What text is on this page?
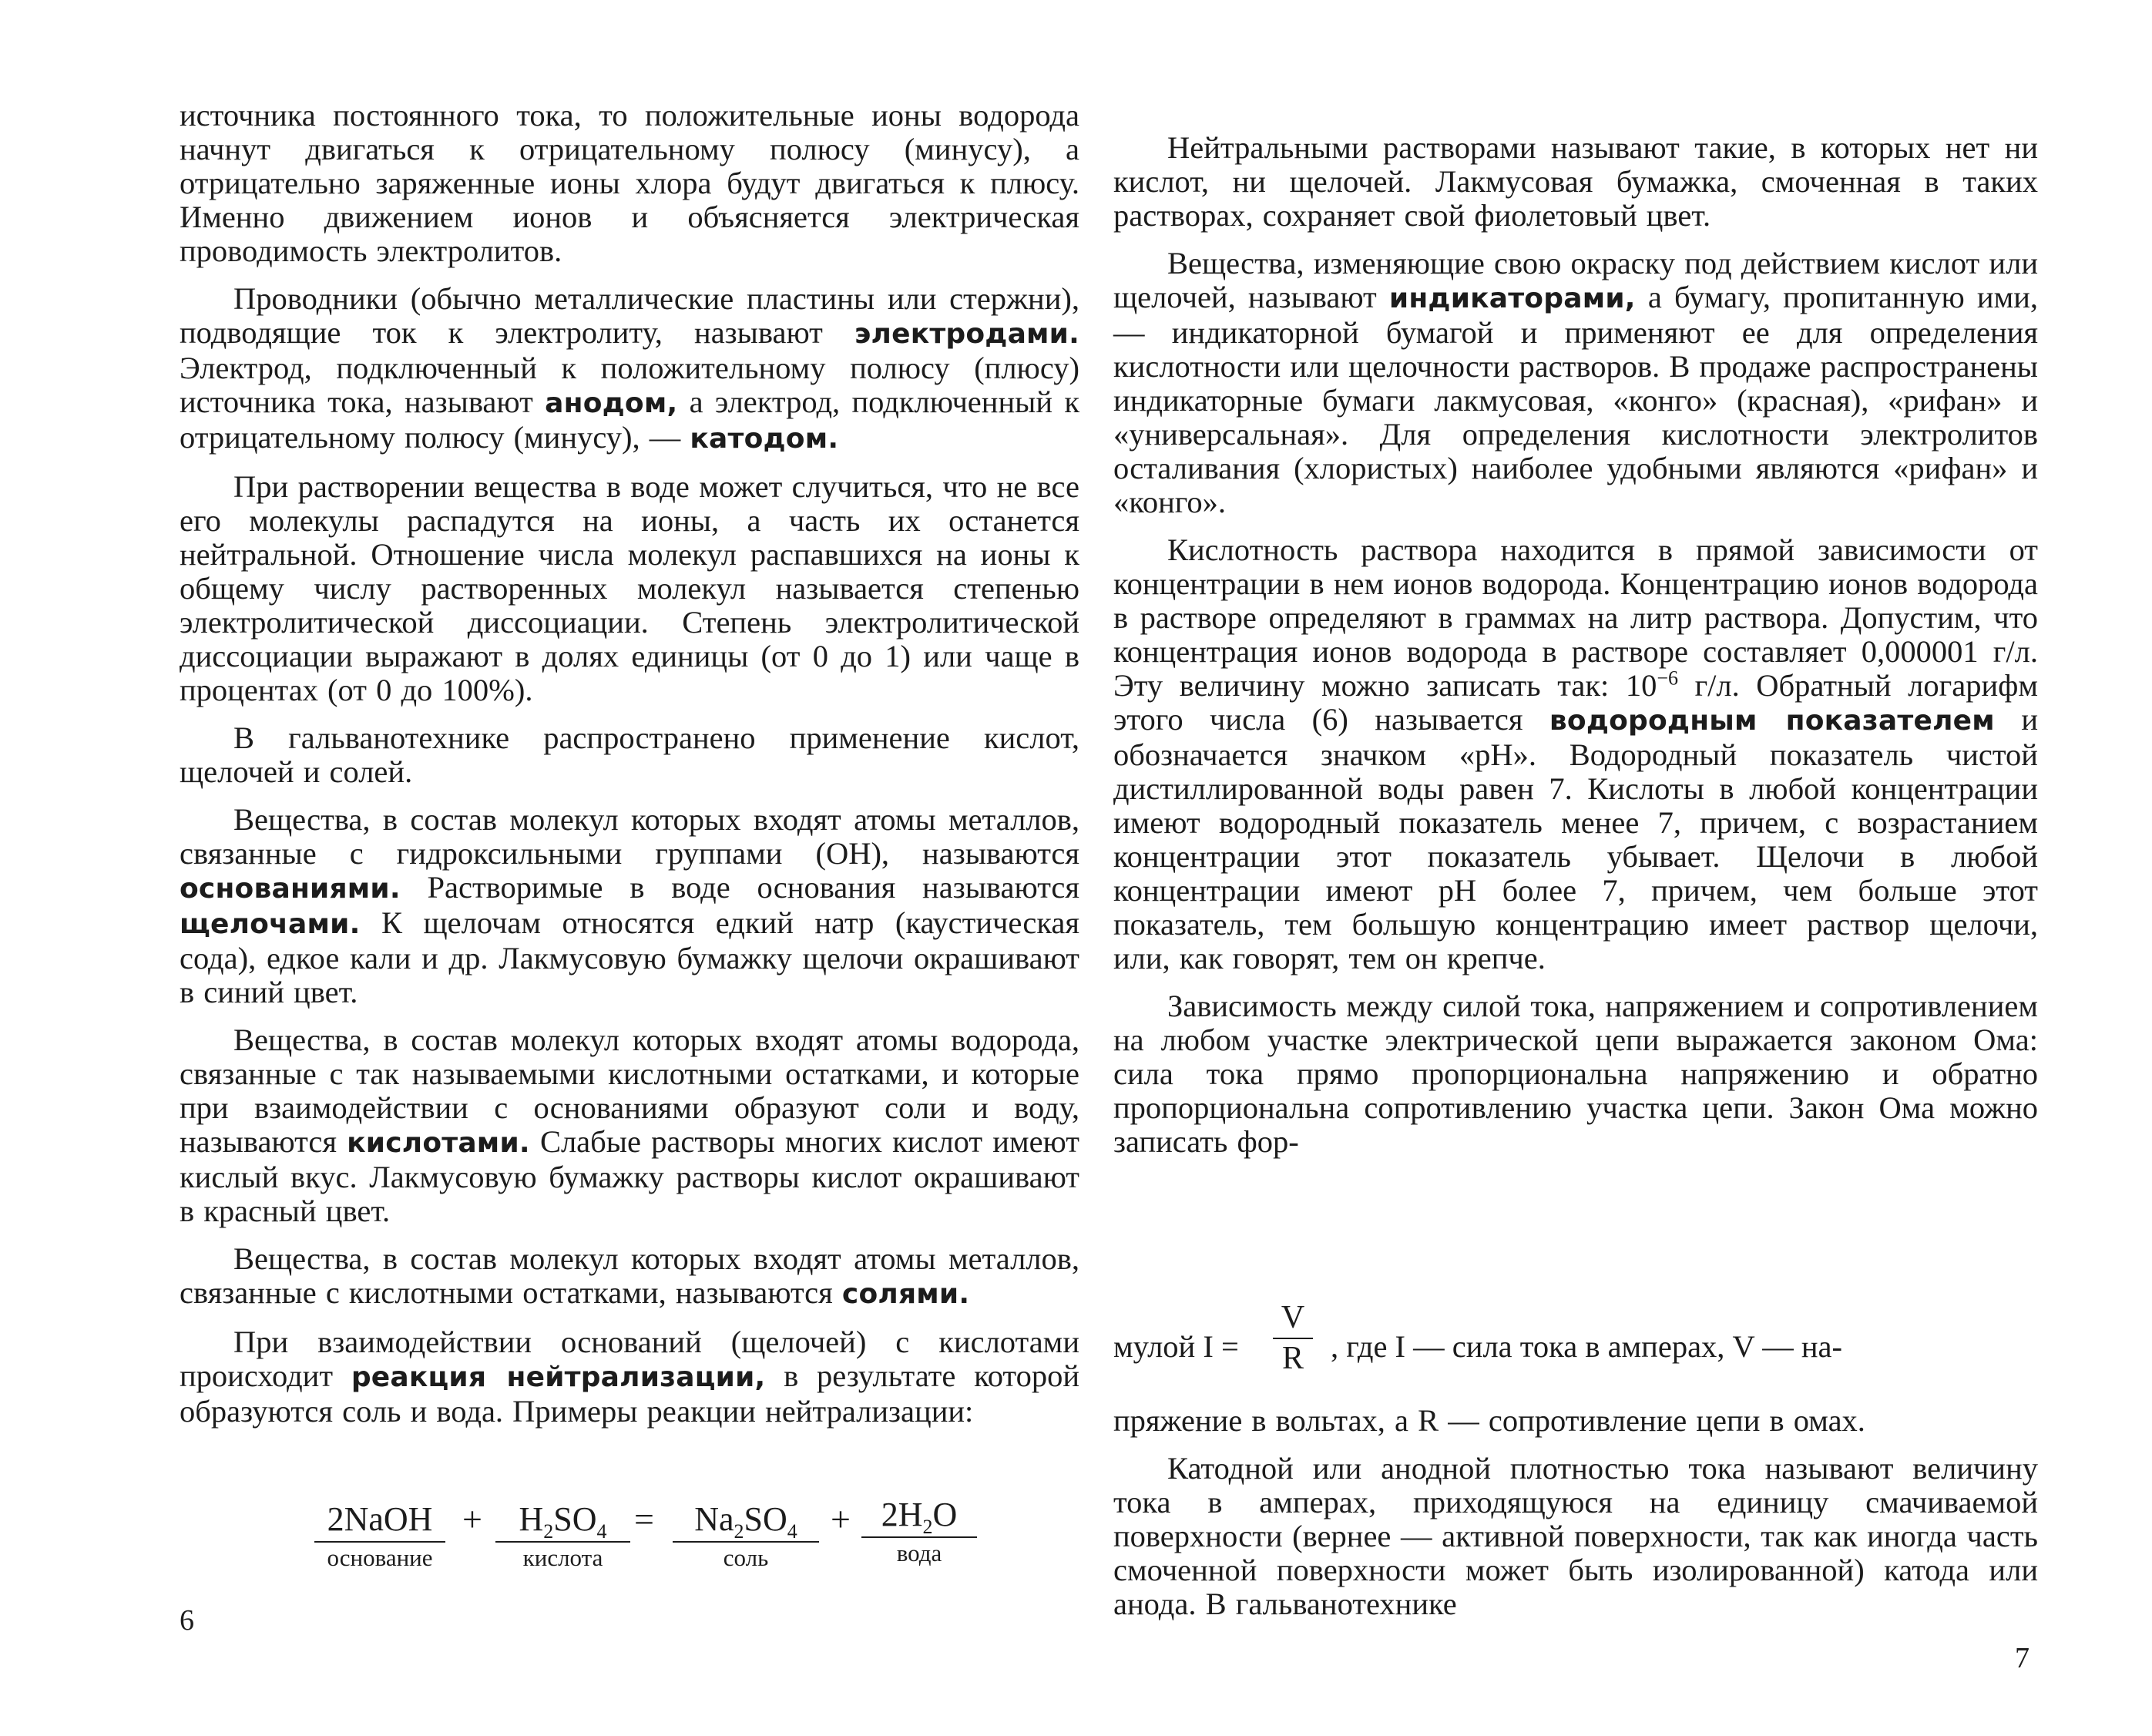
источника постоянного тока, то положительные ионы водорода начнут двигаться к отрицательному полюсу (минусу), а отрицательно заряженные ионы хлора будут двигаться к плюсу. Именно движением ионов и объясняется электрическая проводимость электролитов.

Проводники (обычно металлические пластины или стержни), подводящие ток к электролиту, называют электродами. Электрод, подключенный к положительному полюсу (плюсу) источника тока, называют анодом, а электрод, подключенный к отрицательному полюсу (минусу), — катодом.

При растворении вещества в воде может случиться, что не все его молекулы распадутся на ионы, а часть их останется нейтральной. Отношение числа молекул распавшихся на ионы к общему числу растворенных молекул называется степенью электролитической диссоциации. Степень электролитической диссоциации выражают в долях единицы (от 0 до 1) или чаще в процентах (от 0 до 100%).

В гальванотехнике распространено применение кислот, щелочей и солей.

Вещества, в состав молекул которых входят атомы металлов, связанные с гидроксильными группами (OH), называются основаниями. Растворимые в воде основания называются щелочами. К щелочам относятся едкий натр (каустическая сода), едкое кали и др. Лакмусовую бумажку щелочи окрашивают в синий цвет.

Вещества, в состав молекул которых входят атомы водорода, связанные с так называемыми кислотными остатками, и которые при взаимодействии с основаниями образуют соли и воду, называются кислотами. Слабые растворы многих кислот имеют кислый вкус. Лакмусовую бумажку растворы кислот окрашивают в красный цвет.

Вещества, в состав молекул которых входят атомы металлов, связанные с кислотными остатками, называются солями.

При взаимодействии оснований (щелочей) с кислотами происходит реакция нейтрализации, в результате которой образуются соль и вода. Примеры реакции нейтрализации:

2NaOH
основание
+	$H_2SO_4$
кислота
=	$Na_2SO_4$
соль
+ $2H_2O$
вода
6

Нейтральными растворами называют такие, в которых нет ни кислот, ни щелочей. Лакмусовая бумажка, смоченная в таких растворах, сохраняет свой фиолетовый цвет.

Вещества, изменяющие свою окраску под действием кислот или щелочей, называют индикаторами, а бумагу, пропитанную ими, — индикаторной бумагой и применяют ее для определения кислотности или щелочности растворов. В продаже распространены индикаторные бумаги лакмусовая, «конго» (красная), «рифан» и «универсальная». Для определения кислотности электролитов осталивания (хлористых) наиболее удобными являются «рифан» и «конго».

Кислотность раствора находится в прямой зависимости от концентрации в нем ионов водорода. Концентрацию ионов водорода в растворе определяют в граммах на литр раствора. Допустим, что концентрация ионов водорода в растворе составляет 0,000001 г/л. Эту величину можно записать так: $10^{-6}$ г/л. Обратный логарифм этого числа (6) называется водородным показателем и обозначается значком «pH». Водородный показатель чистой дистиллированной воды равен 7. Кислоты в любой концентрации имеют водородный показатель менее 7, причем, с возрастанием концентрации этот показатель убывает. Щелочи в любой концентрации имеют pH более 7, причем, чем больше этот показатель, тем большую концентрацию имеет раствор щелочи, или, как говорят, тем он крепче.

Зависимость между силой тока, напряжением и сопротивлением на любом участке электрической цепи выражается законом Ома: сила тока прямо пропорциональна напряжению и обратно пропорциональна сопротивлению участка цепи. Закон Ома можно записать фор-

мулой $I = \frac{V}{R}$ , где I — сила тока в амперах, V — на-

пряжение в вольтах, а R — сопротивление цепи в омах.

Катодной или анодной плотностью тока называют величину тока в амперах, приходящуюся на единицу смачиваемой поверхности (вернее — активной поверхности, так как иногда часть смоченной поверхности может быть изолированной) катода или анода. В гальванотехнике

7
